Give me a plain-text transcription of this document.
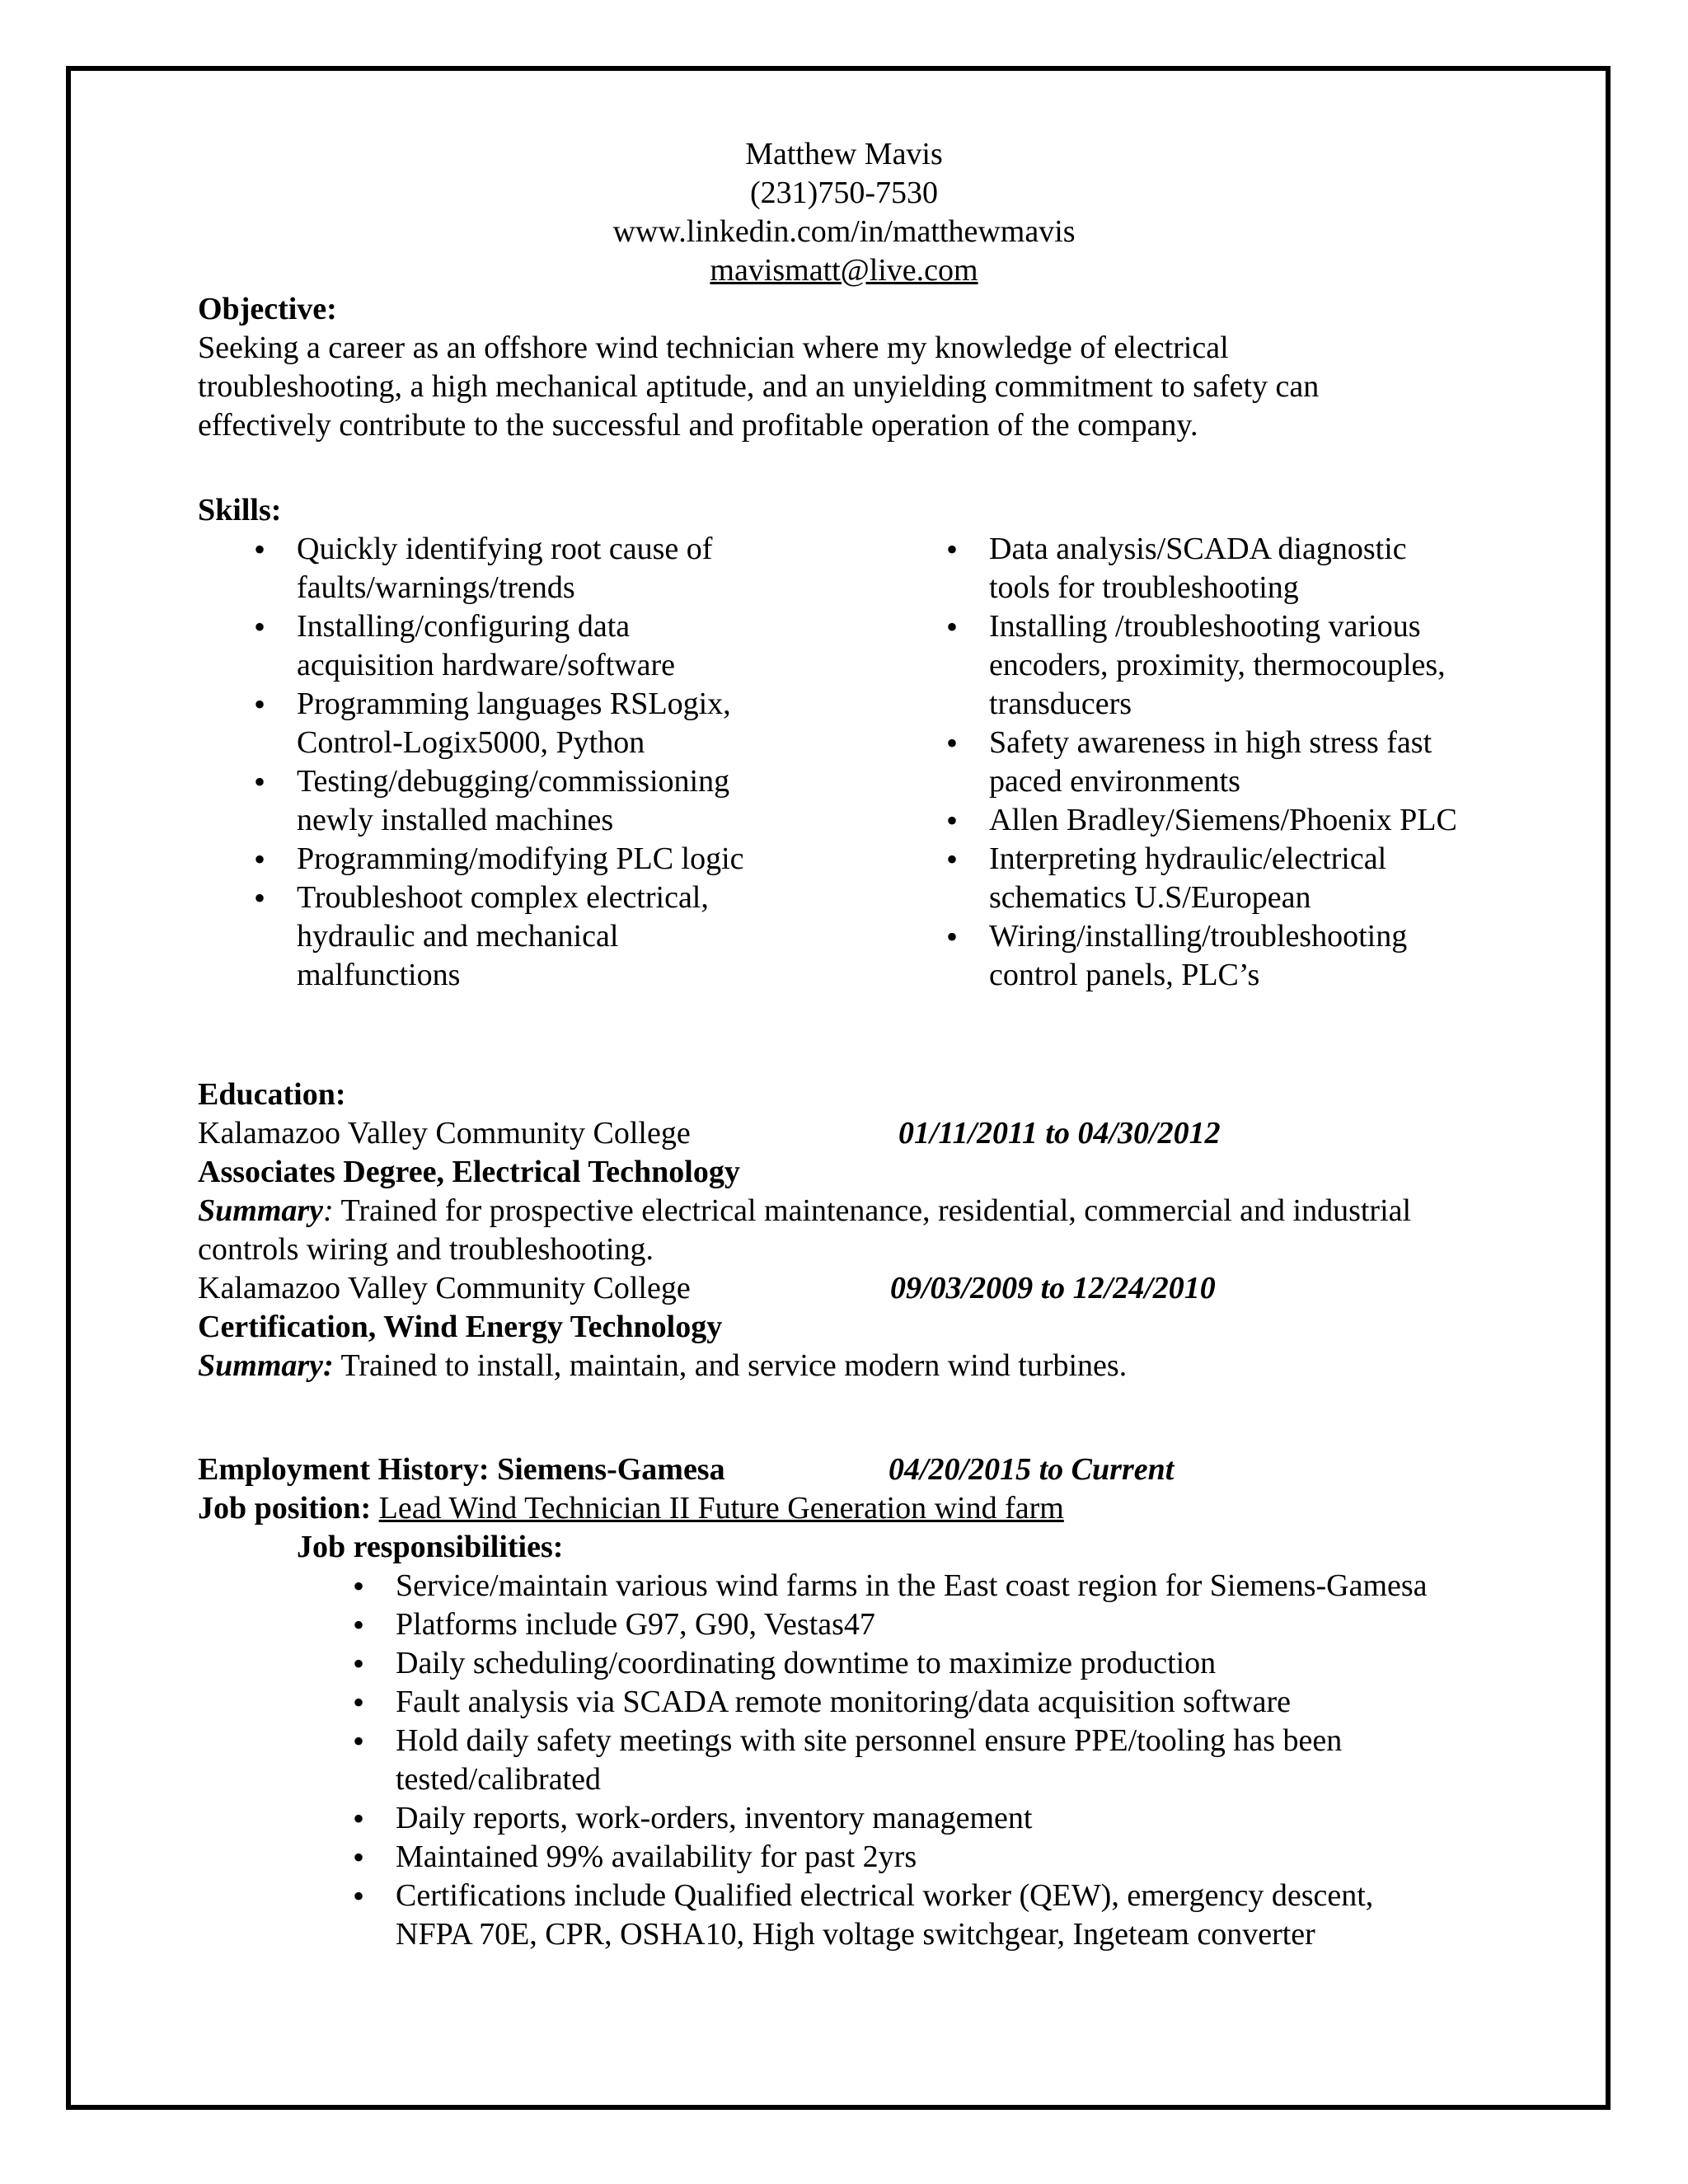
Matthew Mavis
(231)750-7530
www.linkedin.com/in/matthewmavis
mavismatt@live.com
Objective:
Seeking a career as an offshore wind technician where my knowledge of electrical
troubleshooting, a high mechanical aptitude, and an unyielding commitment to safety can
effectively contribute to the successful and profitable operation of the company.
Skills:
Quickly identifying root cause of
faults/warnings/trends
Installing/configuring data
acquisition hardware/software
Programming languages RSLogix,
Control-Logix5000, Python
Testing/debugging/commissioning
newly installed machines
Programming/modifying PLC logic
Troubleshoot complex electrical,
hydraulic and mechanical
malfunctions
Data analysis/SCADA diagnostic
tools for troubleshooting
Installing /troubleshooting various
encoders, proximity, thermocouples,
transducers
Safety awareness in high stress fast
paced environments
Allen Bradley/Siemens/Phoenix PLC
Interpreting hydraulic/electrical
schematics U.S/European
Wiring/installing/troubleshooting
control panels, PLC’s
Education:
Kalamazoo Valley Community College	01/11/2011 to 04/30/2012
Associates Degree, Electrical Technology
Summary: Trained for prospective electrical maintenance, residential, commercial and industrial
controls wiring and troubleshooting.
Kalamazoo Valley Community College	09/03/2009 to 12/24/2010
Certification, Wind Energy Technology
Summary: Trained to install, maintain, and service modern wind turbines.
Employment History: Siemens-Gamesa	04/20/2015 to Current
Job position: Lead Wind Technician II Future Generation wind farm
Job responsibilities:
Service/maintain various wind farms in the East coast region for Siemens-Gamesa
Platforms include G97, G90, Vestas47
Daily scheduling/coordinating downtime to maximize production
Fault analysis via SCADA remote monitoring/data acquisition software
Hold daily safety meetings with site personnel ensure PPE/tooling has been
tested/calibrated
Daily reports, work-orders, inventory management
Maintained 99% availability for past 2yrs
Certifications include Qualified electrical worker (QEW), emergency descent,
NFPA 70E, CPR, OSHA10, High voltage switchgear, Ingeteam converter
